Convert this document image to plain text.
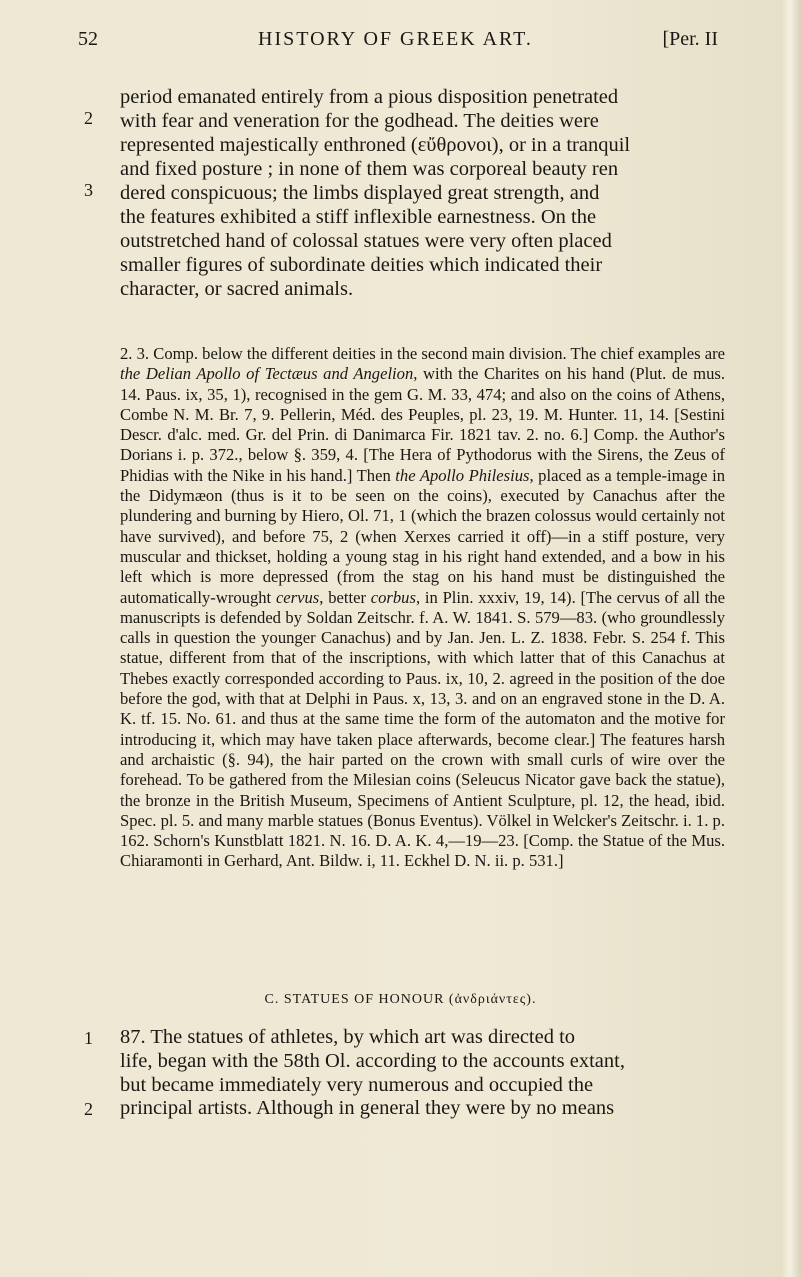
52	HISTORY OF GREEK ART.	[Per. II
2
3

period emanated entirely from a pious disposition penetrated
with fear and veneration for the godhead. The deities were
represented majestically enthroned (εὔθρονοι), or in a tranquil
and fixed posture ; in none of them was corporeal beauty ren
dered conspicuous; the limbs displayed great strength, and
the features exhibited a stiff inflexible earnestness. On the
outstretched hand of colossal statues were very often placed
smaller figures of subordinate deities which indicated their
character, or sacred animals.

2. 3. Comp. below the different deities in the second main division. The chief examples are the Delian Apollo of Tectæus and Angelion, with the Charites on his hand (Plut. de mus. 14. Paus. ix, 35, 1), recognised in the gem G. M. 33, 474; and also on the coins of Athens, Combe N. M. Br. 7, 9. Pellerin, Méd. des Peuples, pl. 23, 19. M. Hunter. 11, 14. [Sestini Descr. d'alc. med. Gr. del Prin. di Danimarca Fir. 1821 tav. 2. no. 6.] Comp. the Author's Dorians i. p. 372., below §. 359, 4. [The Hera of Pythodorus with the Sirens, the Zeus of Phidias with the Nike in his hand.] Then the Apollo Philesius, placed as a temple-image in the Didymæon (thus is it to be seen on the coins), executed by Canachus after the plundering and burning by Hiero, Ol. 71, 1 (which the brazen colossus would certainly not have survived), and before 75, 2 (when Xerxes carried it off)—in a stiff posture, very muscular and thickset, holding a young stag in his right hand extended, and a bow in his left which is more depressed (from the stag on his hand must be distinguished the automatically-wrought cervus, better corbus, in Plin. xxxiv, 19, 14). [The cervus of all the manuscripts is defended by Soldan Zeitschr. f. A. W. 1841. S. 579—83. (who groundlessly calls in question the younger Canachus) and by Jan. Jen. L. Z. 1838. Febr. S. 254 f. This statue, different from that of the inscriptions, with which latter that of this Canachus at Thebes exactly corresponded according to Paus. ix, 10, 2. agreed in the position of the doe before the god, with that at Delphi in Paus. x, 13, 3. and on an engraved stone in the D. A. K. tf. 15. No. 61. and thus at the same time the form of the automaton and the motive for introducing it, which may have taken place afterwards, become clear.] The features harsh and archaistic (§. 94), the hair parted on the crown with small curls of wire over the forehead. To be gathered from the Milesian coins (Seleucus Nicator gave back the statue), the bronze in the British Museum, Specimens of Antient Sculpture, pl. 12, the head, ibid. Spec. pl. 5. and many marble statues (Bonus Eventus). Völkel in Welcker's Zeitschr. i. 1. p. 162. Schorn's Kunstblatt 1821. N. 16. D. A. K. 4,—19—23. [Comp. the Statue of the Mus. Chiaramonti in Gerhard, Ant. Bildw. i, 11. Eckhel D. N. ii. p. 531.]

C. STATUES OF HONOUR (ἀνδριάντες).
1
2

87. The statues of athletes, by which art was directed to
life, began with the 58th Ol. according to the accounts extant,
but became immediately very numerous and occupied the
principal artists. Although in general they were by no means
